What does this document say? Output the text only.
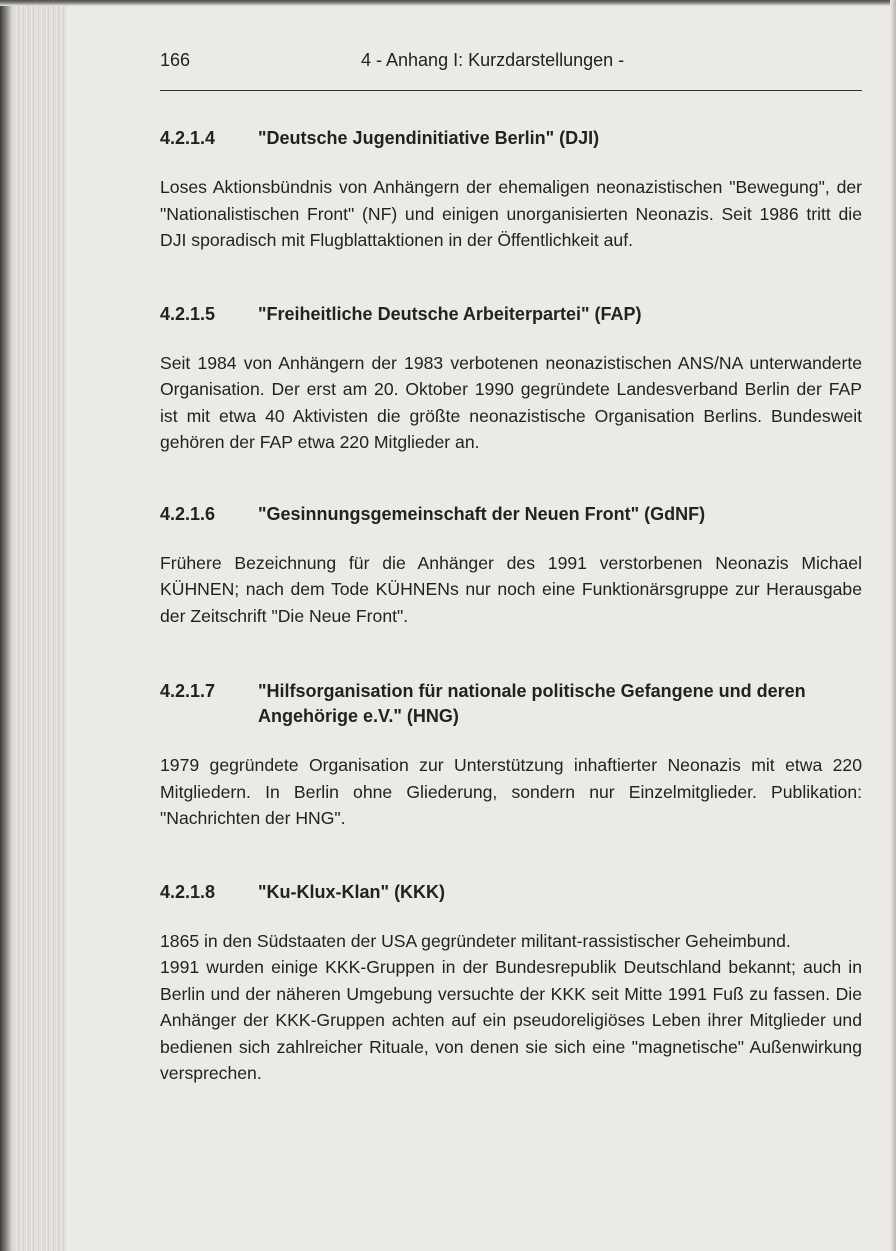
166	4 - Anhang I: Kurzdarstellungen -
4.2.1.4	"Deutsche Jugendinitiative Berlin" (DJI)

Loses Aktionsbündnis von Anhängern der ehemaligen neonazistischen "Bewegung", der "Nationalistischen Front" (NF) und einigen unorganisierten Neonazis. Seit 1986 tritt die DJI sporadisch mit Flugblattaktionen in der Öffentlichkeit auf.

4.2.1.5	"Freiheitliche Deutsche Arbeiterpartei" (FAP)

Seit 1984 von Anhängern der 1983 verbotenen neonazistischen ANS/NA unterwanderte Organisation. Der erst am 20. Oktober 1990 gegründete Landesverband Berlin der FAP ist mit etwa 40 Aktivisten die größte neonazistische Organisation Berlins. Bundesweit gehören der FAP etwa 220 Mitglieder an.

4.2.1.6	"Gesinnungsgemeinschaft der Neuen Front" (GdNF)

Frühere Bezeichnung für die Anhänger des 1991 verstorbenen Neonazis Michael KÜHNEN; nach dem Tode KÜHNENs nur noch eine Funktionärsgruppe zur Herausgabe der Zeitschrift "Die Neue Front".

4.2.1.7	"Hilfsorganisation für nationale politische Gefangene und deren Angehörige e.V." (HNG)

1979 gegründete Organisation zur Unterstützung inhaftierter Neonazis mit etwa 220 Mitgliedern. In Berlin ohne Gliederung, sondern nur Einzelmitglieder. Publikation: "Nachrichten der HNG".

4.2.1.8	"Ku-Klux-Klan" (KKK)

1865 in den Südstaaten der USA gegründeter militant-rassistischer Geheimbund.

1991 wurden einige KKK-Gruppen in der Bundesrepublik Deutschland bekannt; auch in Berlin und der näheren Umgebung versuchte der KKK seit Mitte 1991 Fuß zu fassen. Die Anhänger der KKK-Gruppen achten auf ein pseudoreligiöses Leben ihrer Mitglieder und bedienen sich zahlreicher Rituale, von denen sie sich eine "magnetische" Außenwirkung versprechen.
